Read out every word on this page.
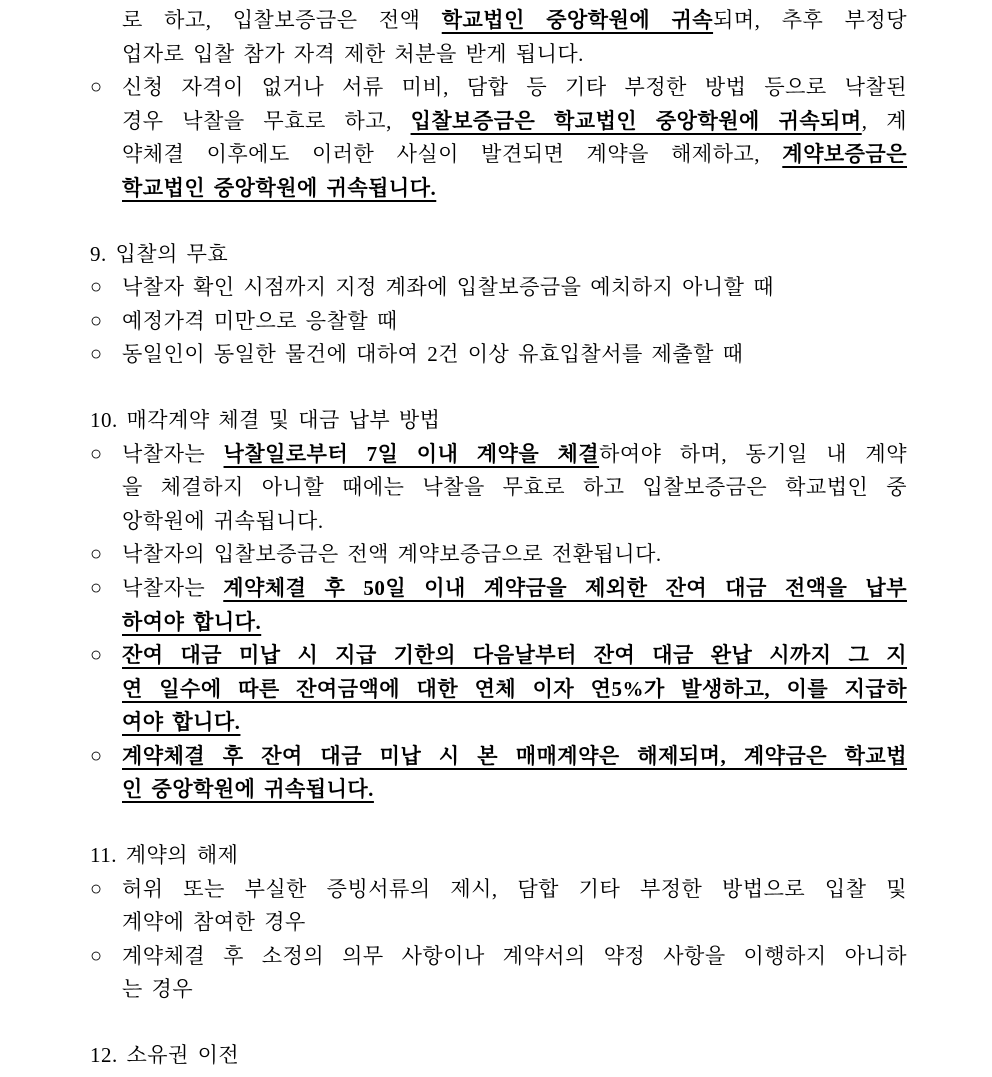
로 하고, 입찰보증금은 전액 학교법인 중앙학원에 귀속되며, 추후 부정당
업자로 입찰 참가 자격 제한 처분을 받게 됩니다.
○ 신청 자격이 없거나 서류 미비, 담합 등 기타 부정한 방법 등으로 낙찰된
경우 낙찰을 무효로 하고, 입찰보증금은 학교법인 중앙학원에 귀속되며, 계
약체결 이후에도 이러한 사실이 발견되면 계약을 해제하고, 계약보증금은
학교법인 중앙학원에 귀속됩니다.
9. 입찰의 무효
○ 낙찰자 확인 시점까지 지정 계좌에 입찰보증금을 예치하지 아니할 때
○ 예정가격 미만으로 응찰할 때
○ 동일인이 동일한 물건에 대하여 2건 이상 유효입찰서를 제출할 때
10. 매각계약 체결 및 대금 납부 방법
○ 낙찰자는 낙찰일로부터 7일 이내 계약을 체결하여야 하며, 동기일 내 계약
을 체결하지 아니할 때에는 낙찰을 무효로 하고 입찰보증금은 학교법인 중
앙학원에 귀속됩니다.
○ 낙찰자의 입찰보증금은 전액 계약보증금으로 전환됩니다.
○ 낙찰자는 계약체결 후 50일 이내 계약금을 제외한 잔여 대금 전액을 납부
하여야 합니다.
○ 잔여 대금 미납 시 지급 기한의 다음날부터 잔여 대금 완납 시까지 그 지
연 일수에 따른 잔여금액에 대한 연체 이자 연5%가 발생하고, 이를 지급하
여야 합니다.
○ 계약체결 후 잔여 대금 미납 시 본 매매계약은 해제되며, 계약금은 학교법
인 중앙학원에 귀속됩니다.
11. 계약의 해제
○ 허위 또는 부실한 증빙서류의 제시, 담합 기타 부정한 방법으로 입찰 및
계약에 참여한 경우
○ 계약체결 후 소정의 의무 사항이나 계약서의 약정 사항을 이행하지 아니하
는 경우
12. 소유권 이전
